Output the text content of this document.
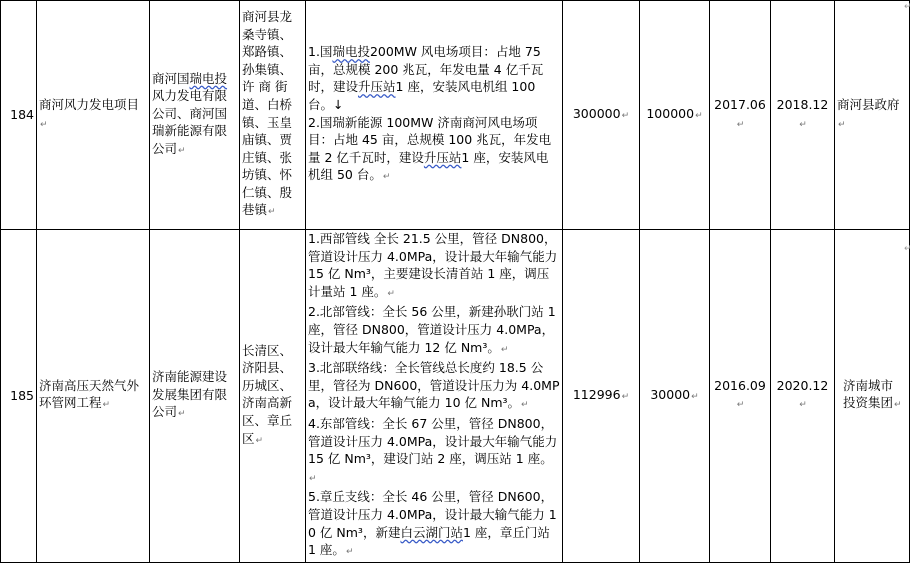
184	商河风力发电项目↵	商河国瑞电投风力发电有限公司、商河国瑞新能源有限公司↵	商河县龙桑寺镇、郑路镇、孙集镇、许 商 街道、白桥镇、玉皇庙镇、贾庄镇、张坊镇、怀仁镇、殷巷镇↵	1.国瑞电投200MW 风电场项目：占地 75 亩，总规模 200 兆瓦，年发电量 4 亿千瓦时，建设升压站1 座，安装风电机组 100 台。↓
2.国瑞新能源 100MW 济南商河风电场项目：占地 45 亩，总规模 100 兆瓦，年发电量 2 亿千瓦时，建设升压站1 座，安装风电机组 50 台。↵	300000↵	100000↵	2017.06↵	2018.12↵	商河县政府↵
185	济南高压天然气外环管网工程↵	济南能源建设发展集团有限公司↵	长清区、济阳县、历城区、济南高新区、章丘区↵	1.西部管线 全长 21.5 公里，管径 DN800，管道设计压力 4.0MPa，设计最大年输气能力 15 亿 Nm³，主要建设长清首站 1 座，调压计量站 1 座。↵
2.北部管线：全长 56 公里，新建孙耿门站 1 座，管径 DN800，管道设计压力 4.0MPa，设计最大年输气能力 12 亿 Nm³。↵
3.北部联络线：全长管线总长度约 18.5 公里，管径为 DN600，管道设计压力为 4.0MPa，设计最大年输气能力 10 亿 Nm³。↵
4.东部管线：全长 67 公里，管径 DN800，管道设计压力 4.0MPa，设计最大年输气能力 15 亿 Nm³，建设门站 2 座，调压站 1 座。↵
5.章丘支线：全长 46 公里，管径 DN600，管道设计压力 4.0MPa，设计最大输气能力 10 亿 Nm³，新建白云湖门站1 座，章丘门站 1 座。↵	112996↵	30000↵	2016.09↵	2020.12↵	济南城市
投资集团↵
↵
↵
